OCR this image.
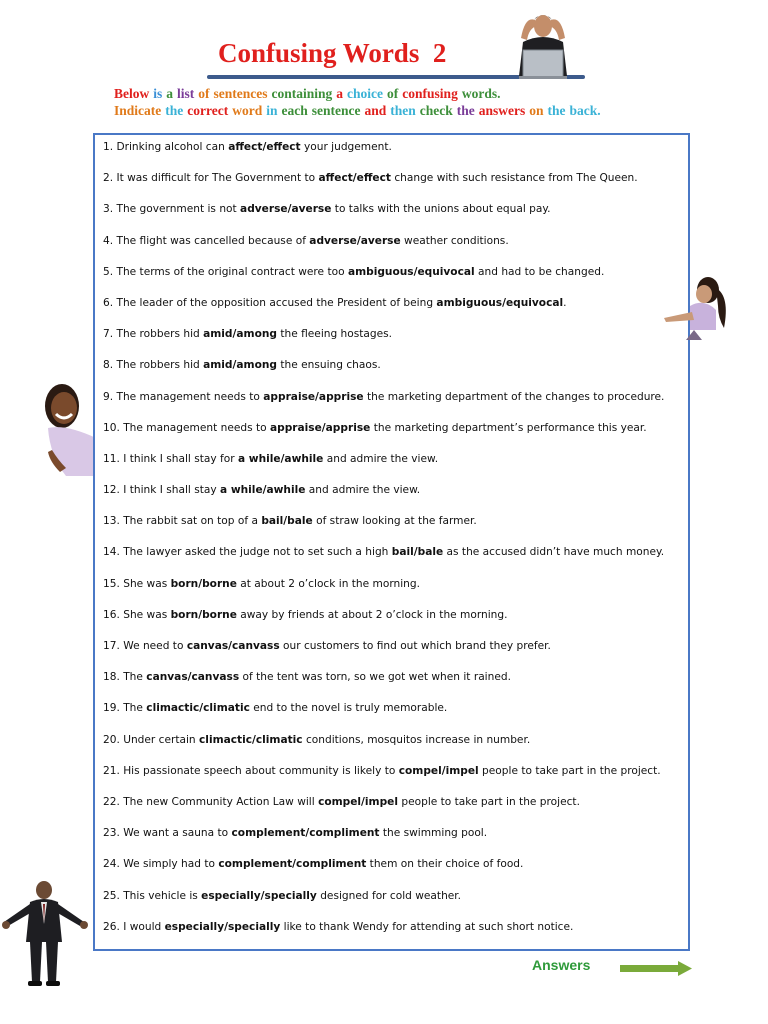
Confusing Words  2
Below is a list of sentences containing a choice of confusing words.
Indicate the correct word in each sentence and then check the answers on the back.
1. Drinking alcohol can affect/effect your judgement.
2. It was difficult for The Government to affect/effect change with such resistance from The Queen.
3. The government is not adverse/averse to talks with the unions about equal pay.
4. The flight was cancelled because of adverse/averse weather conditions.
5. The terms of the original contract were too ambiguous/equivocal and had to be changed.
6. The leader of the opposition accused the President of being ambiguous/equivocal.
7. The robbers hid amid/among the fleeing hostages.
8. The robbers hid amid/among the ensuing chaos.
9. The management needs to appraise/apprise the marketing department of the changes to procedure.
10. The management needs to appraise/apprise the marketing department’s performance this year.
11. I think I shall stay for a while/awhile and admire the view.
12. I think I shall stay a while/awhile and admire the view.
13. The rabbit sat on top of a bail/bale of straw looking at the farmer.
14. The lawyer asked the judge not to set such a high bail/bale as the accused didn’t have much money.
15. She was born/borne at about 2 o’clock in the morning.
16. She was born/borne away by friends at about 2 o’clock in the morning.
17. We need to canvas/canvass our customers to find out which brand they prefer.
18. The canvas/canvass of the tent was torn, so we got wet when it rained.
19. The climactic/climatic end to the novel is truly memorable.
20. Under certain climactic/climatic conditions, mosquitos increase in number.
21. His passionate speech about community is likely to compel/impel people to take part in the project.
22. The new Community Action Law will compel/impel people to take part in the project.
23. We want a sauna to complement/compliment the swimming pool.
24. We simply had to complement/compliment them on their choice of food.
25. This vehicle is especially/specially designed for cold weather.
26. I would especially/specially like to thank Wendy for attending at such short notice.
Answers
